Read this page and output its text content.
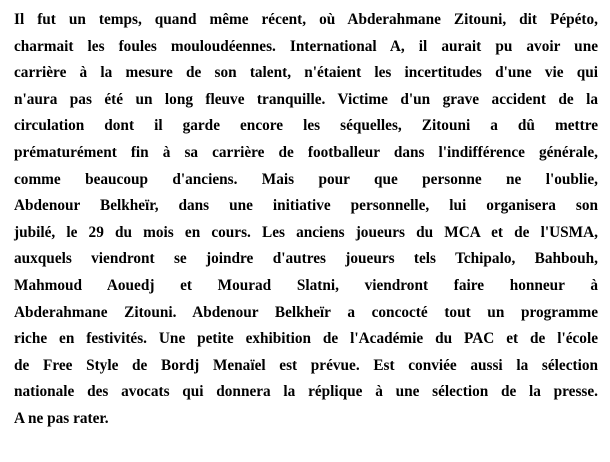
Il fut un temps, quand même récent, où Abderahmane Zitouni, dit Pépéto,
charmait les foules mouloudéennes. International A, il aurait pu avoir une
carrière à la mesure de son talent, n'étaient les incertitudes d'une vie qui
n'aura pas été un long fleuve tranquille. Victime d'un grave accident de la
circulation dont il garde encore les séquelles, Zitouni a dû mettre
prématurément fin à sa carrière de footballeur dans l'indifférence générale,
comme beaucoup d'anciens. Mais pour que personne ne l'oublie,
Abdenour Belkheïr, dans une initiative personnelle, lui organisera son
jubilé, le 29 du mois en cours. Les anciens joueurs du MCA et de l'USMA,
auxquels viendront se joindre d'autres joueurs tels Tchipalo, Bahbouh,
Mahmoud Aouedj et Mourad Slatni, viendront faire honneur à
Abderahmane Zitouni. Abdenour Belkheïr a concocté tout un programme
riche en festivités. Une petite exhibition de l'Académie du PAC et de l'école
de Free Style de Bordj Menaïel est prévue. Est conviée aussi la sélection
nationale des avocats qui donnera la réplique à une sélection de la presse.
A ne pas rater.
